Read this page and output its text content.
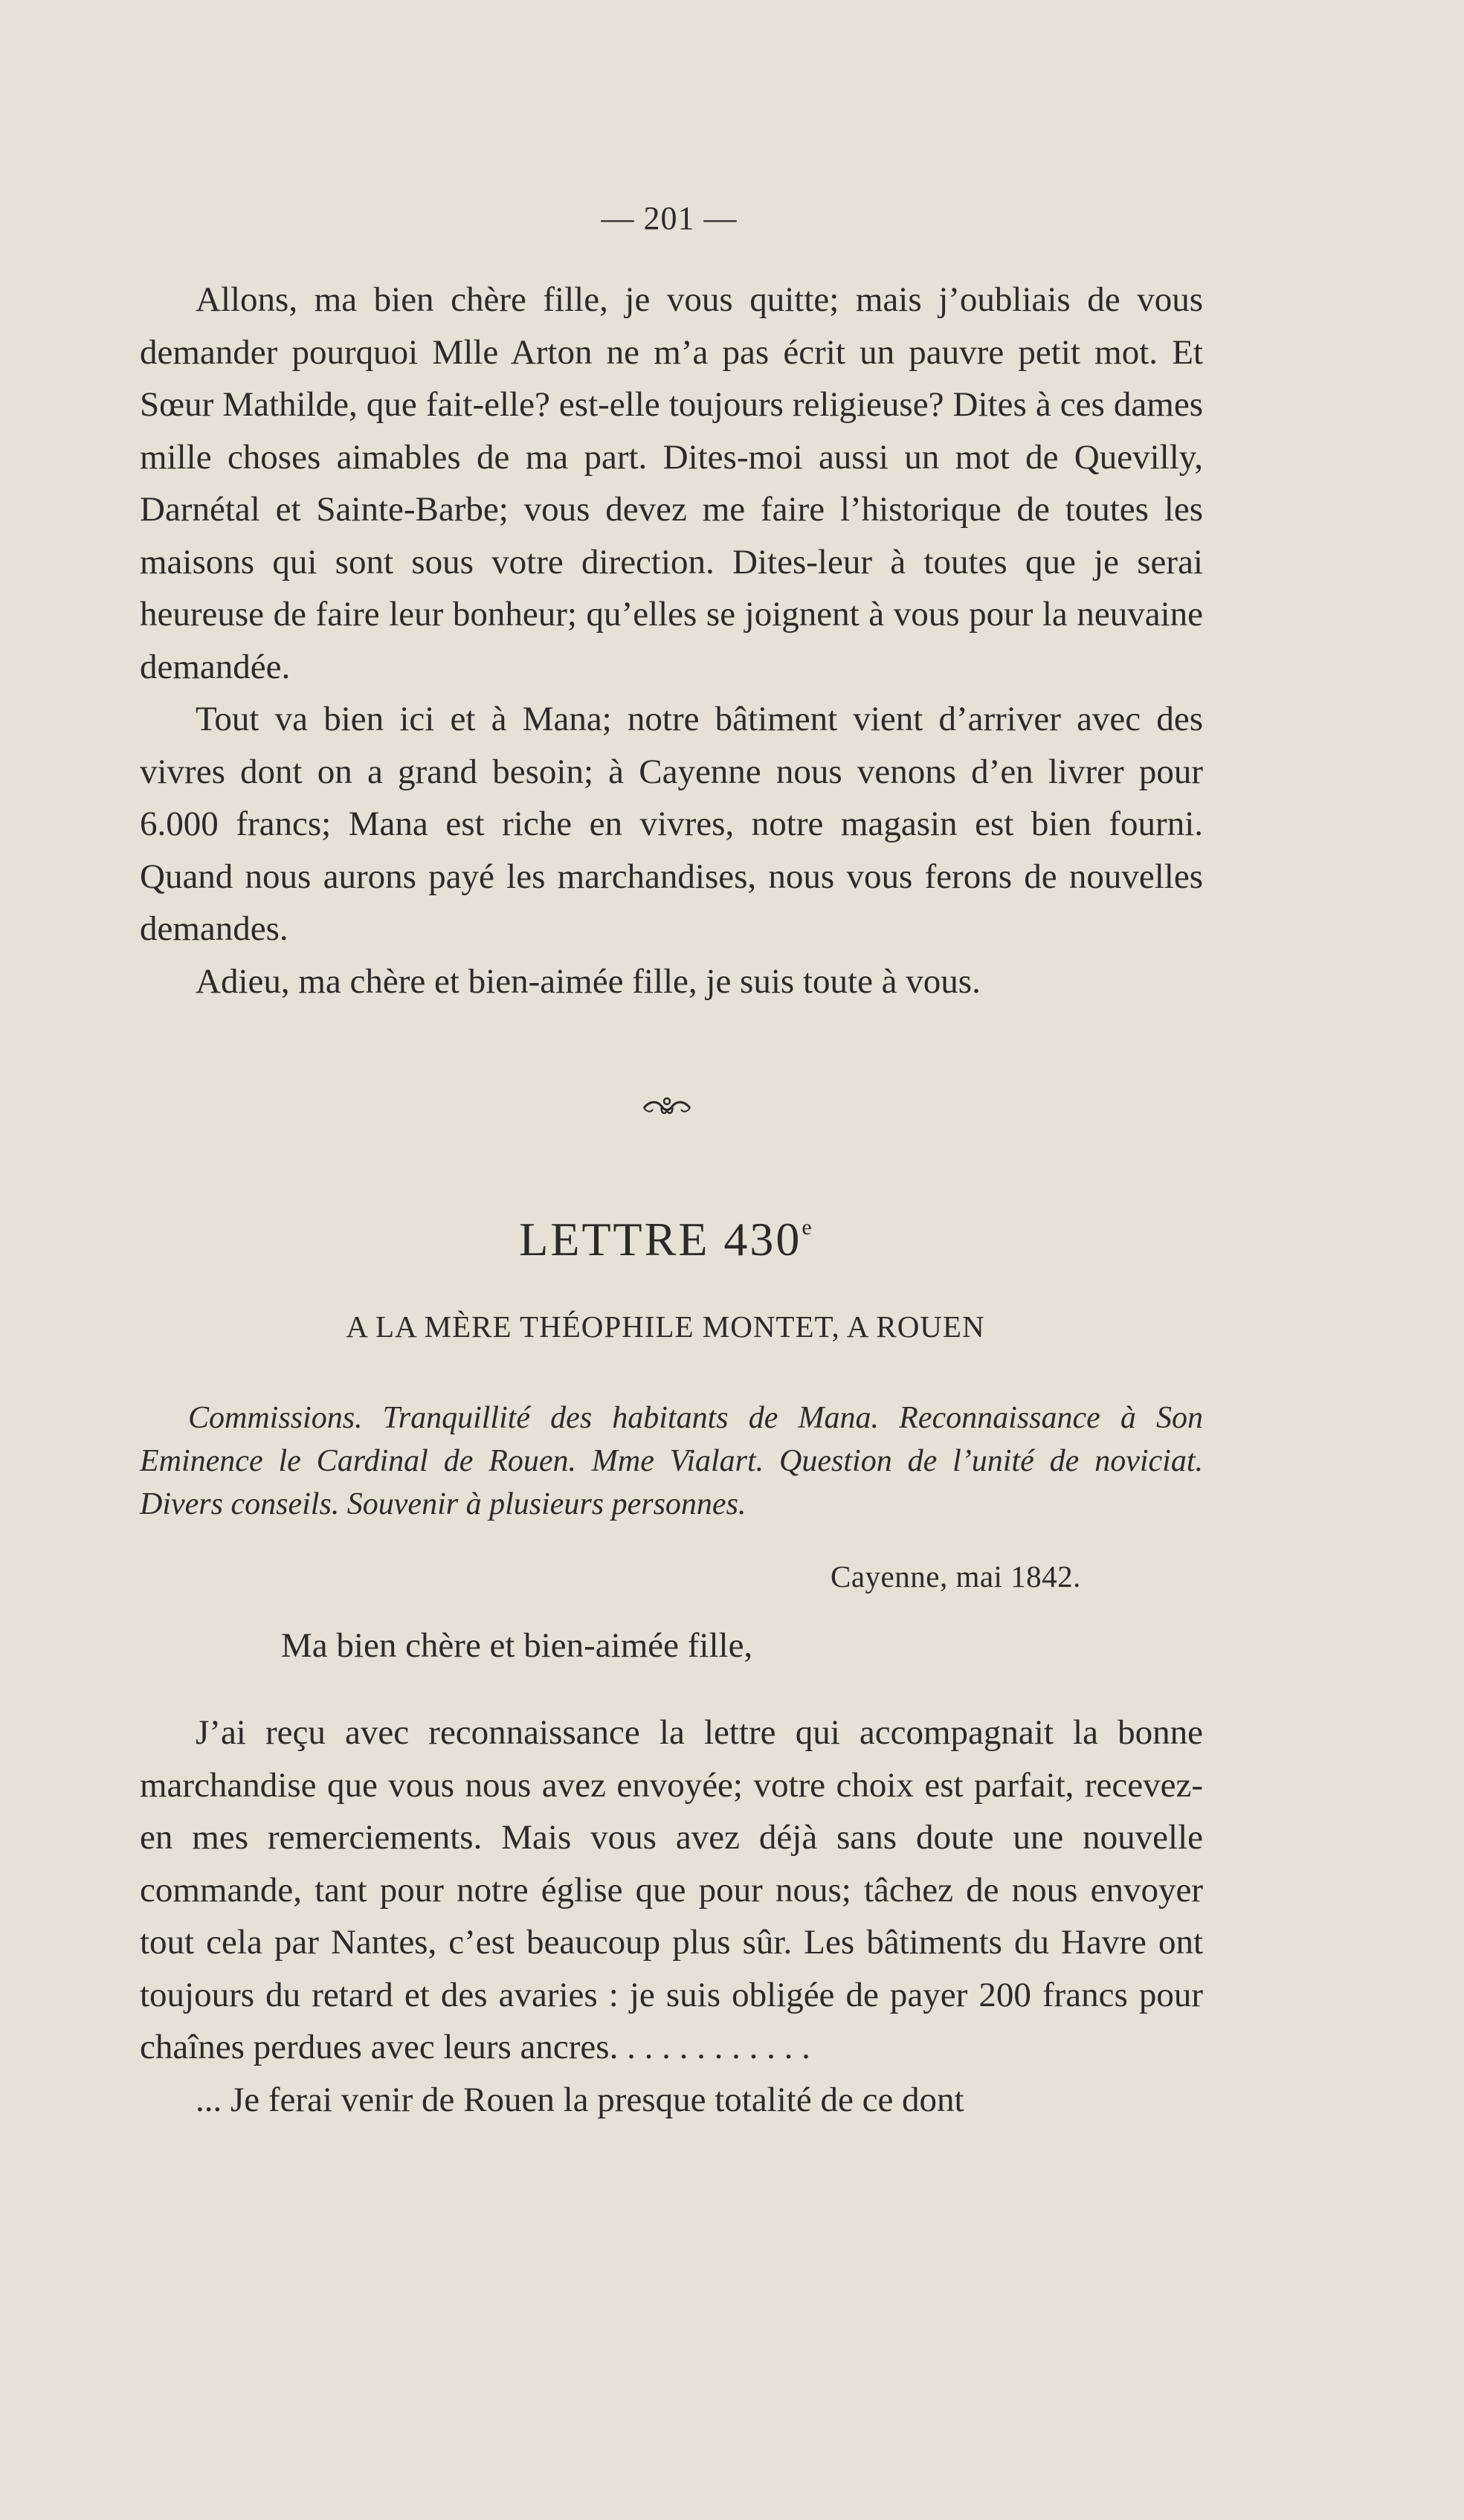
— 201 —

Allons, ma bien chère fille, je vous quitte; mais j’oubliais de vous demander pourquoi Mlle Arton ne m’a pas écrit un pauvre petit mot. Et Sœur Mathilde, que fait-elle? est-elle toujours religieuse? Dites à ces dames mille choses aimables de ma part. Dites-moi aussi un mot de Quevilly, Darnétal et Sainte-Barbe; vous devez me faire l’historique de toutes les maisons qui sont sous votre direction. Dites-leur à toutes que je serai heureuse de faire leur bonheur; qu’elles se joignent à vous pour la neuvaine demandée.

Tout va bien ici et à Mana; notre bâtiment vient d’arriver avec des vivres dont on a grand besoin; à Cayenne nous venons d’en livrer pour 6.000 francs; Mana est riche en vivres, notre magasin est bien fourni. Quand nous aurons payé les marchandises, nous vous ferons de nouvelles demandes.

Adieu, ma chère et bien-aimée fille, je suis toute à vous.

LETTRE 430e
A LA MÈRE THÉOPHILE MONTET, A ROUEN

Commissions. Tranquillité des habitants de Mana. Reconnaissance à Son Eminence le Cardinal de Rouen. Mme Vialart. Question de l’unité de noviciat. Divers conseils. Souvenir à plusieurs personnes.

Cayenne, mai 1842.
Ma bien chère et bien-aimée fille,

J’ai reçu avec reconnaissance la lettre qui accompagnait la bonne marchandise que vous nous avez envoyée; votre choix est parfait, recevez-en mes remerciements. Mais vous avez déjà sans doute une nouvelle commande, tant pour notre église que pour nous; tâchez de nous envoyer tout cela par Nantes, c’est beaucoup plus sûr. Les bâtiments du Havre ont toujours du retard et des avaries : je suis obligée de payer 200 francs pour chaînes perdues avec leurs ancres. . . . . . . . . . . .

... Je ferai venir de Rouen la presque totalité de ce dont
